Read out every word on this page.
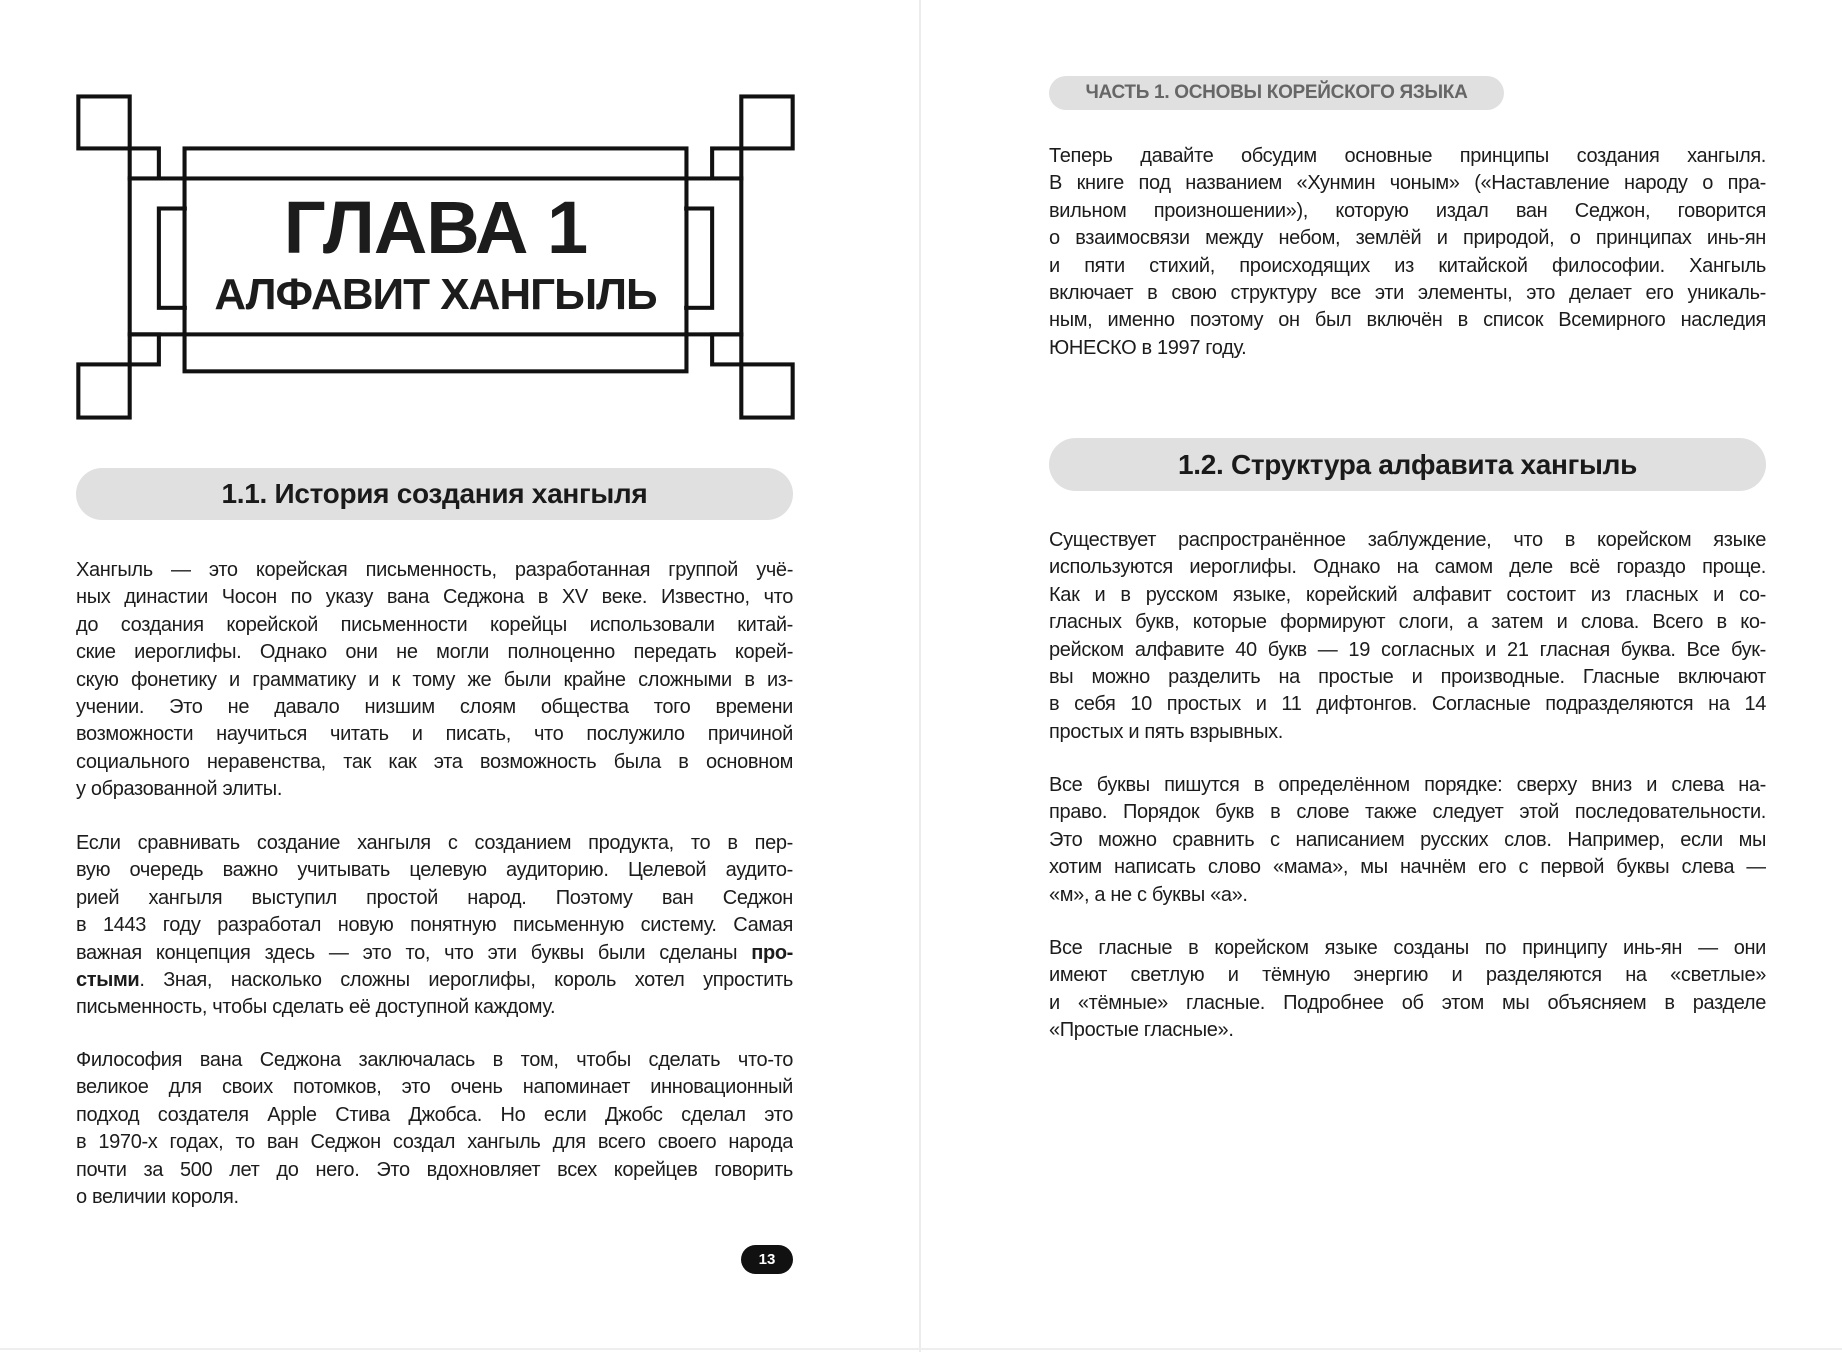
ГЛАВА 1
АЛФАВИТ ХАНГЫЛЬ
1.1. История создания хангыля
Хангыль — это корейская письменность, разработанная группой учё-
ных династии Чосон по указу вана Седжона в XV веке. Известно, что
до создания корейской письменности корейцы использовали китай-
ские иероглифы. Однако они не могли полноценно передать корей-
скую фонетику и грамматику и к тому же были крайне сложными в из-
учении. Это не давало низшим слоям общества того времени
возможности научиться читать и писать, что послужило причиной
социального неравенства, так как эта возможность была в основном
у образованной элиты.
Если сравнивать создание хангыля с созданием продукта, то в пер-
вую очередь важно учитывать целевую аудиторию. Целевой аудито-
рией хангыля выступил простой народ. Поэтому ван Седжон
в 1443 году разработал новую понятную письменную систему. Самая
важная концепция здесь — это то, что эти буквы были сделаны про-
стыми. Зная, насколько сложны иероглифы, король хотел упростить
письменность, чтобы сделать её доступной каждому.
Философия вана Седжона заключалась в том, чтобы сделать что-то
великое для своих потомков, это очень напоминает инновационный
подход создателя Apple Стива Джобса. Но если Джобс сделал это
в 1970-х годах, то ван Седжон создал хангыль для всего своего народа
почти за 500 лет до него. Это вдохновляет всех корейцев говорить
о величии короля.
13
ЧАСТЬ 1. ОСНОВЫ КОРЕЙСКОГО ЯЗЫКА
Теперь давайте обсудим основные принципы создания хангыля.
В книге под названием «Хунмин чоным» («Наставление народу о пра-
вильном произношении»), которую издал ван Седжон, говорится
о взаимосвязи между небом, землёй и природой, о принципах инь-ян
и пяти стихий, происходящих из китайской философии. Хангыль
включает в свою структуру все эти элементы, это делает его уникаль-
ным, именно поэтому он был включён в список Всемирного наследия
ЮНЕСКО в 1997 году.
1.2. Структура алфавита хангыль
Существует распространённое заблуждение, что в корейском языке
используются иероглифы. Однако на самом деле всё гораздо проще.
Как и в русском языке, корейский алфавит состоит из гласных и со-
гласных букв, которые формируют слоги, а затем и слова. Всего в ко-
рейском алфавите 40 букв — 19 согласных и 21 гласная буква. Все бук-
вы можно разделить на простые и производные. Гласные включают
в себя 10 простых и 11 дифтонгов. Согласные подразделяются на 14
простых и пять взрывных.
Все буквы пишутся в определённом порядке: сверху вниз и слева на-
право. Порядок букв в слове также следует этой последовательности.
Это можно сравнить с написанием русских слов. Например, если мы
хотим написать слово «мама», мы начнём его с первой буквы слева —
«м», а не с буквы «а».
Все гласные в корейском языке созданы по принципу инь-ян — они
имеют светлую и тёмную энергию и разделяются на «светлые»
и «тёмные» гласные. Подробнее об этом мы объясняем в разделе
«Простые гласные».
